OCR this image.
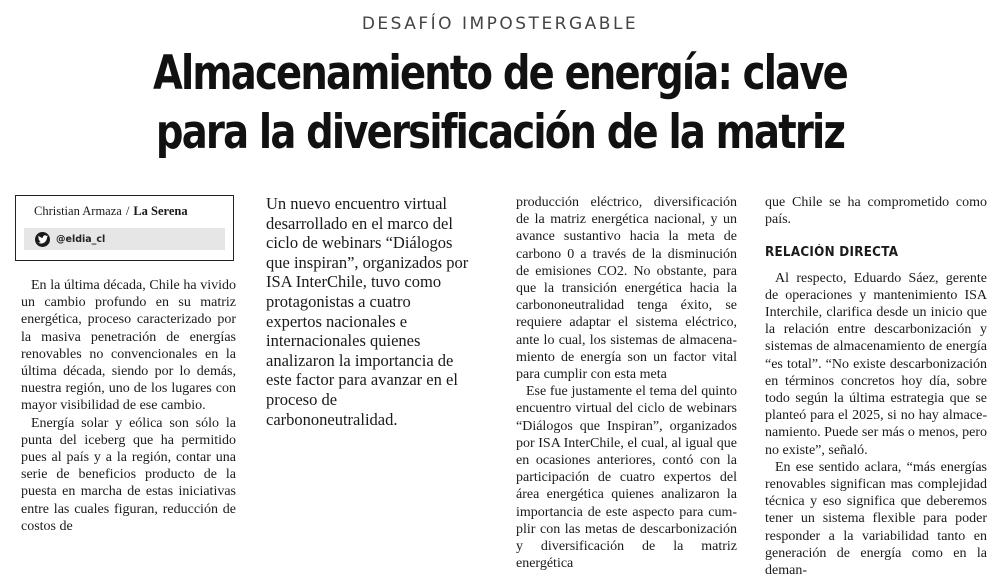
DESAFÍO IMPOSTERGABLE
Almacenamiento de energía: clave para la diversificación de la matriz
Christian Armaza / La Serena
@eldia_cl

En la última década, Chile ha vivido un cambio profundo en su matriz energética, proceso caracterizado por la masiva penetración de energías renovables no convencionales en la última década, siendo por lo demás, nuestra región, uno de los lugares con mayor visibilidad de ese cambio.

Energía solar y eólica son sólo la punta del iceberg que ha permitido pues al país y a la región, contar una serie de beneficios producto de la puesta en marcha de estas iniciativas entre las cuales figuran, reducción de costos de

Un nuevo encuentro virtual desarrollado en el marco del ciclo de webinars “Diálogos que inspiran”, organizados por ISA InterChile, tuvo como protagonistas a cuatro expertos nacionales e internacionales quienes analizaron la importancia de este factor para avanzar en el proceso de carbononeutralidad.

producción eléctrico, diversificación de la matriz energética nacional, y un avance sustantivo hacia la meta de carbono 0 a través de la disminución de emisiones CO2. No obstante, para que la transición energética hacia la carbononeutralidad tenga éxito, se requiere adaptar el sistema eléctrico, ante lo cual, los sistemas de almacenamiento de energía son un factor vital para cumplir con esta meta

Ese fue justamente el tema del quinto encuentro virtual del ciclo de webinars “Diálogos que Inspiran”, organizados por ISA InterChile, el cual, al igual que en ocasiones anteriores, contó con la participación de cuatro expertos del área energética quienes analizaron la importancia de este aspecto para cumplir con las metas de descarbonización y diversificación de la matriz energética

que Chile se ha comprometido como país.

RELACIÓN DIRECTA

Al respecto, Eduardo Sáez, gerente de operaciones y mantenimiento ISA Interchile, clarifica desde un inicio que la relación entre descarbonización y sistemas de almacenamiento de energía “es total”. “No existe descarbonización en términos concretos hoy día, sobre todo según la última estrategia que se planteó para el 2025, si no hay almacenamiento. Puede ser más o menos, pero no existe”, señaló.

En ese sentido aclara, “más energías renovables significan mas complejidad técnica y eso significa que deberemos tener un sistema flexible para poder responder a la variabilidad tanto en generación de energía como en la deman-
